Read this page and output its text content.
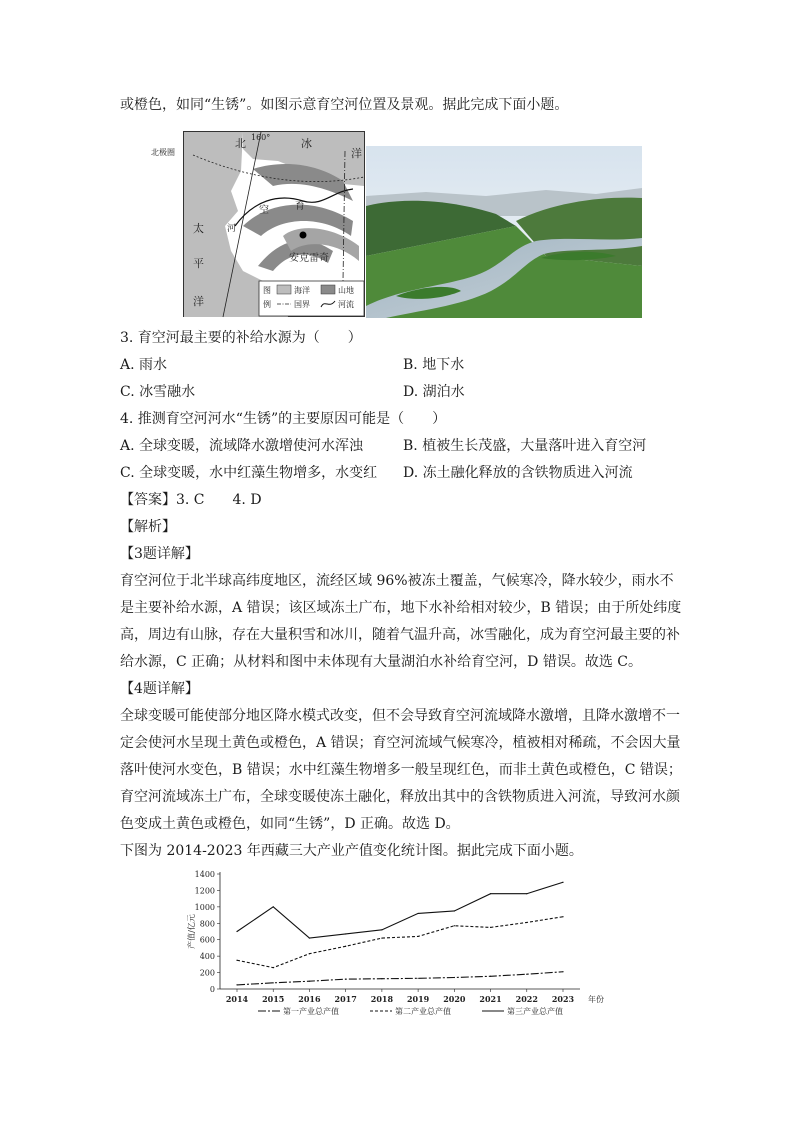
或橙色，如同“生锈”。如图示意育空河位置及景观。据此完成下面小题。
160°
北极圈
北	冰
洋
太
平
洋
育
空
河
安克雷奇
图
例
海洋	山地
国界	河流
3. 育空河最主要的补给水源为（　　）
A. 雨水	B. 地下水
C. 冰雪融水	D. 湖泊水
4. 推测育空河河水“生锈”的主要原因可能是（　　）
A. 全球变暖，流域降水激增使河水浑浊	B. 植被生长茂盛，大量落叶进入育空河
C. 全球变暖，水中红藻生物增多，水变红 D. 冻土融化释放的含铁物质进入河流
【答案】3. C　　4. D
【解析】
【3题详解】
育空河位于北半球高纬度地区，流经区域 96%被冻土覆盖，气候寒冷，降水较少，雨水不
是主要补给水源，A 错误；该区域冻土广布，地下水补给相对较少，B 错误；由于所处纬度
高，周边有山脉，存在大量积雪和冰川，随着气温升高，冰雪融化，成为育空河最主要的补
给水源，C 正确；从材料和图中未体现有大量湖泊水补给育空河，D 错误。故选 C。
【4题详解】
全球变暖可能使部分地区降水模式改变，但不会导致育空河流域降水激增，且降水激增不一
定会使河水呈现土黄色或橙色，A 错误；育空河流域气候寒冷，植被相对稀疏，不会因大量
落叶使河水变色，B 错误；水中红藻生物增多一般呈现红色，而非土黄色或橙色，C 错误；
育空河流域冻土广布，全球变暖使冻土融化，释放出其中的含铁物质进入河流，导致河水颜
色变成土黄色或橙色，如同“生锈”，D 正确。故选 D。
下图为 2014-2023 年西藏三大产业产值变化统计图。据此完成下面小题。
0
200
400
600
800
1000
1200
1400
2014 2015 2016 2017 2018 2019 2020 2021 2022 2023 年份
产值/亿元
第一产业总产值	第二产业总产值	第三产业总产值
